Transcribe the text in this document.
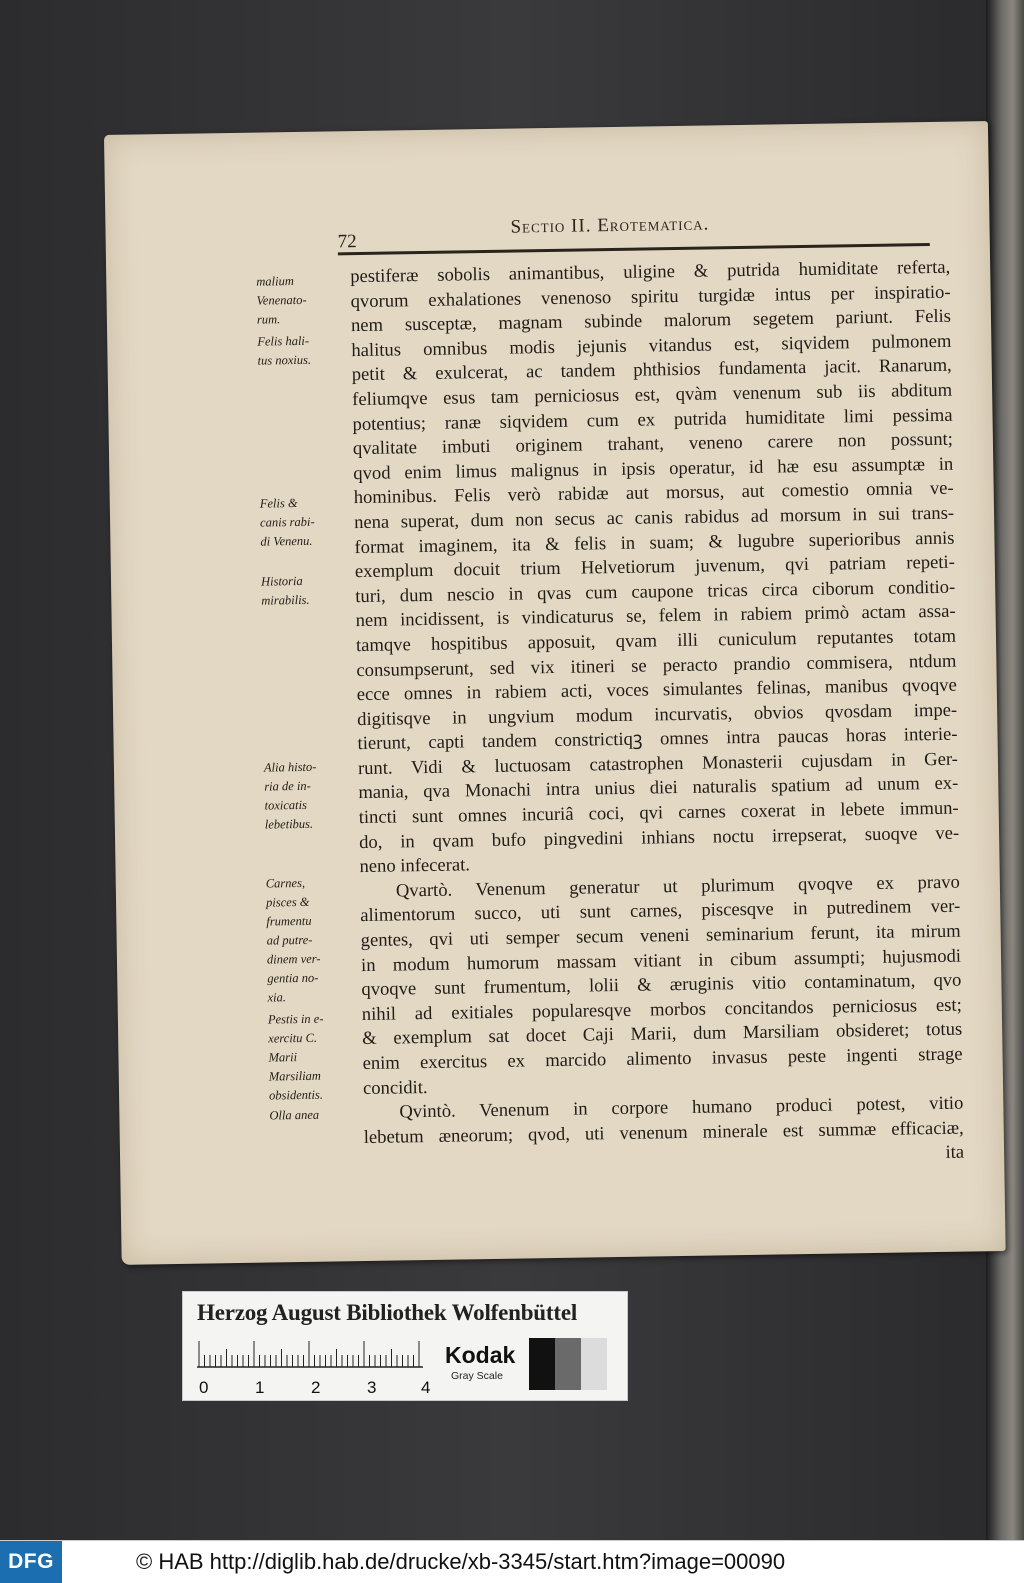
72
Sectio II. Erotematica.
malium
Venenato-
rum.
Felis hali-
tus noxius.
Felis &
canis rabi-
di Venenu.
Historia
mirabilis.
Alia histo-
ria de in-
toxicatis
lebetibus.
Carnes,
pisces &
frumentu
ad putre-
dinem ver-
gentia no-
xia.
Pestis in e-
xercitu C.
Marii
Marsiliam
obsidentis.
Olla anea
pestiferæ sobolis animantibus, uligine & putrida humiditate referta,
qvorum exhalationes venenoso spiritu turgidæ intus per inspiratio-
nem susceptæ, magnam subinde malorum segetem pariunt. Felis
halitus omnibus modis jejunis vitandus est, siqvidem pulmonem
petit & exulcerat, ac tandem phthisios fundamenta jacit. Ranarum,
feliumqve esus tam perniciosus est, qvàm venenum sub iis abditum
potentius; ranæ siqvidem cum ex putrida humiditate limi pessima
qvalitate imbuti originem trahant, veneno carere non possunt;
qvod enim limus malignus in ipsis operatur, id hæ esu assumptæ in
hominibus. Felis verò rabidæ aut morsus, aut comestio omnia ve-
nena superat, dum non secus ac canis rabidus ad morsum in sui trans-
format imaginem, ita & felis in suam; & lugubre superioribus annis
exemplum docuit trium Helvetiorum juvenum, qvi patriam repeti-
turi, dum nescio in qvas cum caupone tricas circa ciborum conditio-
nem incidissent, is vindicaturus se, felem in rabiem primò actam assa-
tamqve hospitibus apposuit, qvam illi cuniculum reputantes totam
consumpserunt, sed vix itineri se peracto prandio commisera, ntdum
ecce omnes in rabiem acti, voces simulantes felinas, manibus qvoqve
digitisqve in ungvium modum incurvatis, obvios qvosdam impe-
tierunt, capti tandem constrictiqꝫ omnes intra paucas horas interie-
runt. Vidi & luctuosam catastrophen Monasterii cujusdam in Ger-
mania, qva Monachi intra unius diei naturalis spatium ad unum ex-
tincti sunt omnes incuriâ coci, qvi carnes coxerat in lebete immun-
do, in qvam bufo pingvedini inhians noctu irrepserat, suoqve ve-
neno infecerat.
Qvartò. Venenum generatur ut plurimum qvoqve ex pravo
alimentorum succo, uti sunt carnes, piscesqve in putredinem ver-
gentes, qvi uti semper secum veneni seminarium ferunt, ita mirum
in modum humorum massam vitiant in cibum assumpti; hujusmodi
qvoqve sunt frumentum, lolii & æruginis vitio contaminatum, qvo
nihil ad exitiales popularesqve morbos concitandos perniciosus est;
& exemplum sat docet Caji Marii, dum Marsiliam obsideret; totus
enim exercitus ex marcido alimento invasus peste ingenti strage
concidit.
Qvintò. Venenum in corpore humano produci potest, vitio
lebetum æneorum; qvod, uti venenum minerale est summæ efficaciæ,
ita
Herzog August Bibliothek Wolfenbüttel
0	1	2	3	4
Kodak
Gray Scale
DFG	© HAB http://diglib.hab.de/drucke/xb-3345/start.htm?image=00090
